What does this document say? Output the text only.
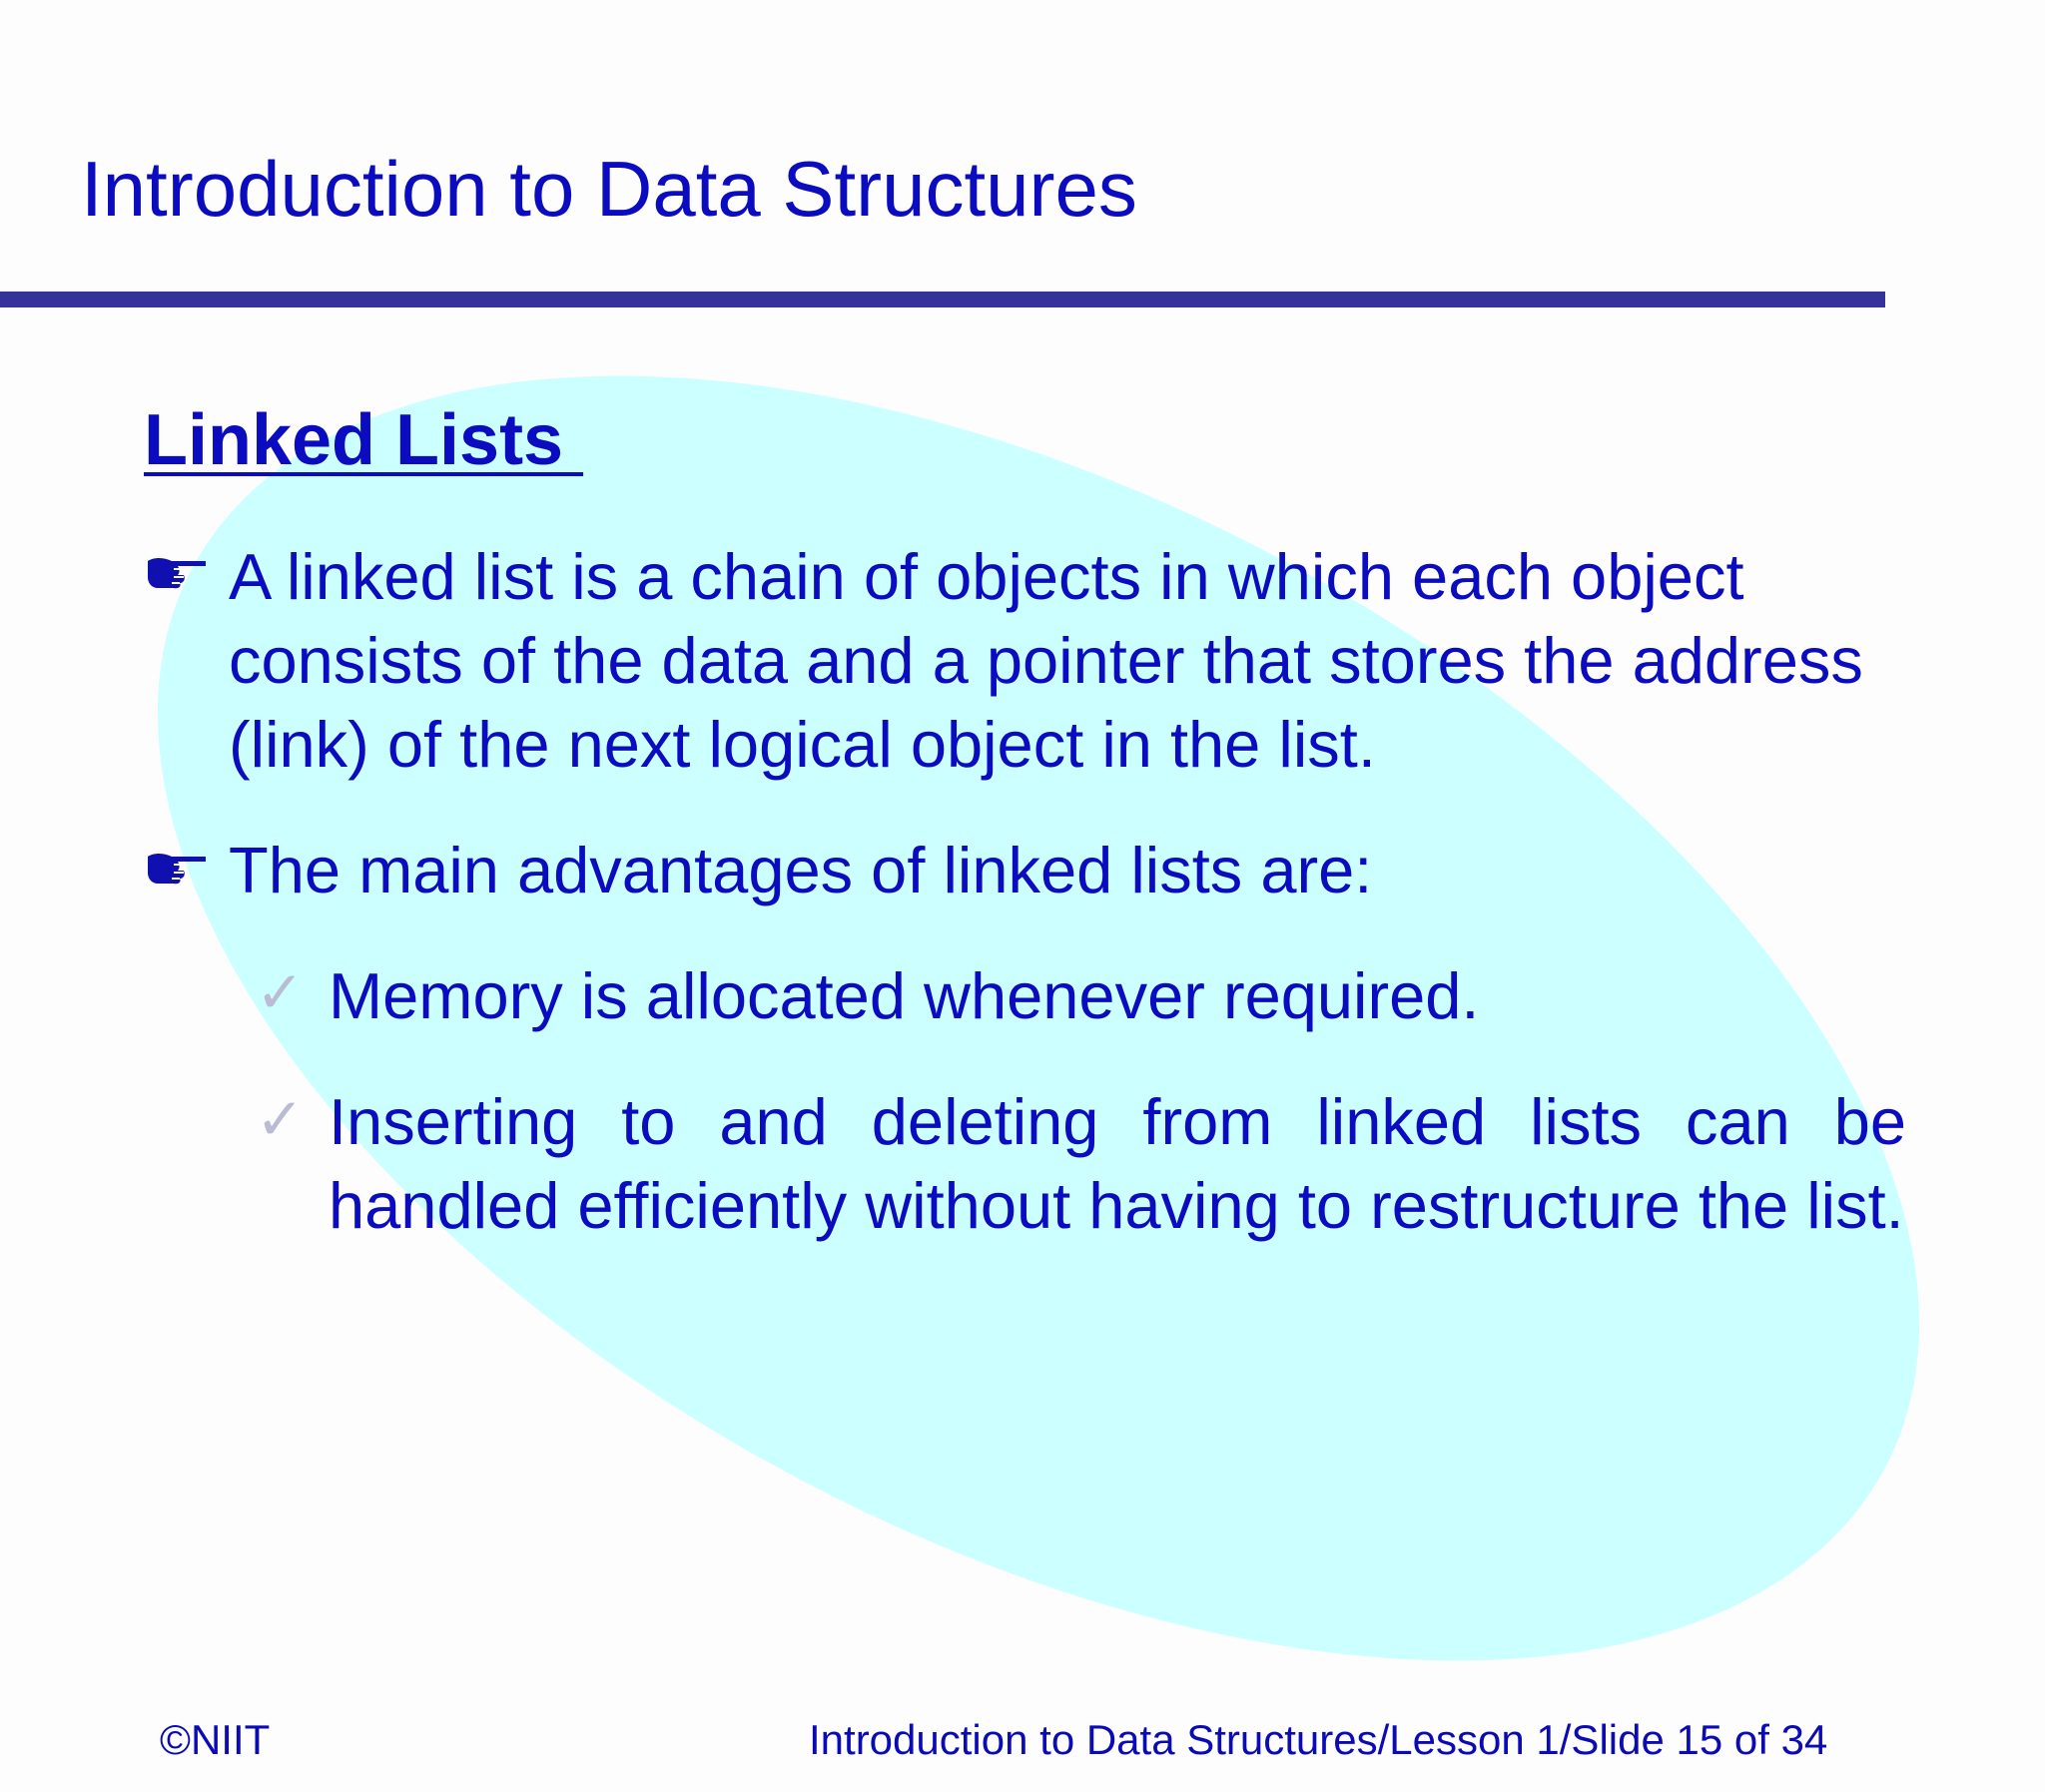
Introduction to Data Structures
Linked Lists
A linked list is a chain of objects in which each object consists of the data and a pointer that stores the address (link) of the next logical object in the list.
The main advantages of linked lists are:
✓ Memory is allocated whenever required.
✓ Inserting to and deleting from linked lists can be handled efficiently without having to restructure the list.
©NIIT	Introduction to Data Structures/Lesson 1/Slide 15 of 34
